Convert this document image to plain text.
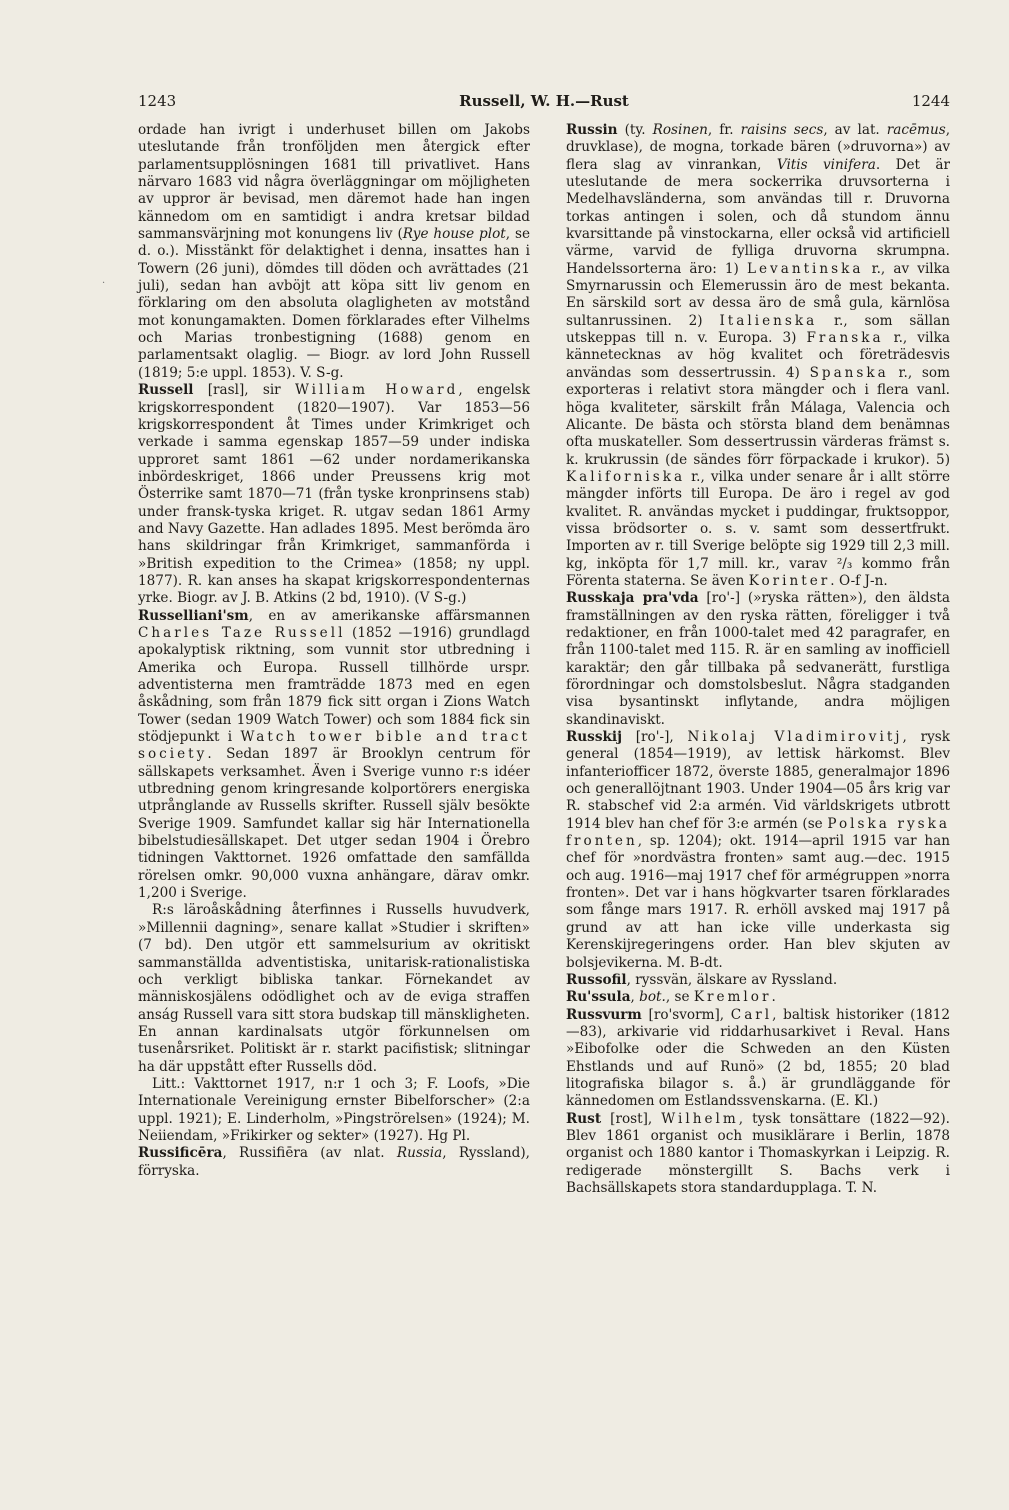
1243	Russell, W. H.—Rust	1244

ordade han ivrigt i underhuset billen om Jakobs uteslutande från tronföljden men återgick efter parlamentsupplösningen 1681 till privatlivet. Hans närvaro 1683 vid några överläggningar om möjligheten av uppror är bevisad, men däremot hade han ingen kännedom om en samtidigt i andra kretsar bildad sammansvärjning mot konungens liv (Rye house plot, se d. o.). Misstänkt för delaktighet i denna, insattes han i Towern (26 juni), dömdes till döden och avrättades (21 juli), sedan han avböjt att köpa sitt liv genom en förklaring om den absoluta olagligheten av motstånd mot konungamakten. Domen förklarades efter Vilhelms och Marias tronbestigning (1688) genom en parlamentsakt olaglig. — Biogr. av lord John Russell (1819; 5:e uppl. 1853). V. S-g.

Russell [rasl], sir William Howard, engelsk krigskorrespondent (1820—1907). Var 1853—56 krigskorrespondent åt Times under Krimkriget och verkade i samma egenskap 1857—59 under indiska upproret samt 1861 —62 under nordamerikanska inbördeskriget, 1866 under Preussens krig mot Österrike samt 1870—71 (från tyske kronprinsens stab) under fransk-tyska kriget. R. utgav sedan 1861 Army and Navy Gazette. Han adlades 1895. Mest berömda äro hans skildringar från Krimkriget, sammanförda i »British expedition to the Crimea» (1858; ny uppl. 1877). R. kan anses ha skapat krigskorrespondenternas yrke. Biogr. av J. B. Atkins (2 bd, 1910). (V S-g.)

Russelliani'sm, en av amerikanske affärsmannen Charles Taze Russell (1852 —1916) grundlagd apokalyptisk riktning, som vunnit stor utbredning i Amerika och Europa. Russell tillhörde urspr. adventisterna men framträdde 1873 med en egen åskådning, som från 1879 fick sitt organ i Zions Watch Tower (sedan 1909 Watch Tower) och som 1884 fick sin stödjepunkt i Watch tower bible and tract society. Sedan 1897 är Brooklyn centrum för sällskapets verksamhet. Även i Sverige vunno r:s idéer utbredning genom kringresande kolportörers energiska utprånglande av Russells skrifter. Russell själv besökte Sverige 1909. Samfundet kallar sig här Internationella bibelstudiesällskapet. Det utger sedan 1904 i Örebro tidningen Vakttornet. 1926 omfattade den samfällda rörelsen omkr. 90,000 vuxna anhängare, därav omkr. 1,200 i Sverige.

R:s läroåskådning återfinnes i Russells huvudverk, »Millennii dagning», senare kallat »Studier i skriften» (7 bd). Den utgör ett sammelsurium av okritiskt sammanställda adventistiska, unitarisk-rationalistiska och verkligt bibliska tankar. Förnekandet av människosjälens odödlighet och av de eviga straffen anság Russell vara sitt stora budskap till mänskligheten. En annan kardinalsats utgör förkunnelsen om tusenårsriket. Politiskt är r. starkt pacifistisk; slitningar ha där uppstått efter Russells död.

Litt.: Vakttornet 1917, n:r 1 och 3; F. Loofs, »Die Internationale Vereinigung ernster Bibelforscher» (2:a uppl. 1921); E. Linderholm, »Pingströrelsen» (1924); M. Neiiendam, »Frikirker og sekter» (1927). Hg Pl.

Russificēra, Russifiēra (av nlat. Russia, Ryssland), förryska.

Russin (ty. Rosinen, fr. raisins secs, av lat. racēmus, druvklase), de mogna, torkade bären (»druvorna») av flera slag av vinrankan, Vitis vinifera. Det är uteslutande de mera sockerrika druvsorterna i Medelhavsländerna, som användas till r. Druvorna torkas antingen i solen, och då stundom ännu kvarsittande på vinstockarna, eller också vid artificiell värme, varvid de fylliga druvorna skrumpna. Handelssorterna äro: 1) Levantinska r., av vilka Smyrnarussin och Elemerussin äro de mest bekanta. En särskild sort av dessa äro de små gula, kärnlösa sultanrussinen. 2) Italienska r., som sällan utskeppas till n. v. Europa. 3) Franska r., vilka kännetecknas av hög kvalitet och företrädesvis användas som dessertrussin. 4) Spanska r., som exporteras i relativt stora mängder och i flera vanl. höga kvaliteter, särskilt från Málaga, Valencia och Alicante. De bästa och största bland dem benämnas ofta muskateller. Som dessertrussin värderas främst s. k. krukrussin (de sändes förr förpackade i krukor). 5) Kaliforniska r., vilka under senare år i allt större mängder införts till Europa. De äro i regel av god kvalitet. R. användas mycket i puddingar, fruktsoppor, vissa brödsorter o. s. v. samt som dessertfrukt. Importen av r. till Sverige belöpte sig 1929 till 2,3 mill. kg, inköpta för 1,7 mill. kr., varav ²/₃ kommo från Förenta staterna. Se även Korinter. O-f J-n.

Russkaja pra'vda [ro'-] (»ryska rätten»), den äldsta framställningen av den ryska rätten, föreligger i två redaktioner, en från 1000-talet med 42 paragrafer, en från 1100-talet med 115. R. är en samling av inofficiell karaktär; den går tillbaka på sedvanerätt, furstliga förordningar och domstolsbeslut. Några stadganden visa bysantinskt inflytande, andra möjligen skandinaviskt.

Russkij [ro'-], Nikolaj Vladimirovitj, rysk general (1854—1919), av lettisk härkomst. Blev infanteriofficer 1872, överste 1885, generalmajor 1896 och generallöjtnant 1903. Under 1904—05 års krig var R. stabschef vid 2:a armén. Vid världskrigets utbrott 1914 blev han chef för 3:e armén (se Polska ryska fronten, sp. 1204); okt. 1914—april 1915 var han chef för »nordvästra fronten» samt aug.—dec. 1915 och aug. 1916—maj 1917 chef för armégruppen »norra fronten». Det var i hans högkvarter tsaren förklarades som fånge mars 1917. R. erhöll avsked maj 1917 på grund av att han icke ville underkasta sig Kerenskijregeringens order. Han blev skjuten av bolsjevikerna. M. B-dt.

Russofil, ryssvän, älskare av Ryssland.

Ru'ssula, bot., se Kremlor.

Russvurm [ro'svorm], Carl, baltisk historiker (1812—83), arkivarie vid riddarhusarkivet i Reval. Hans »Eibofolke oder die Schweden an den Küsten Ehstlands und auf Runö» (2 bd, 1855; 20 blad litografiska bilagor s. å.) är grundläggande för kännedomen om Estlandssvenskarna. (E. Kl.)

Rust [rost], Wilhelm, tysk tonsättare (1822—92). Blev 1861 organist och musiklärare i Berlin, 1878 organist och 1880 kantor i Thomaskyrkan i Leipzig. R. redigerade mönstergillt S. Bachs verk i Bachsällskapets stora standardupplaga. T. N.

·
